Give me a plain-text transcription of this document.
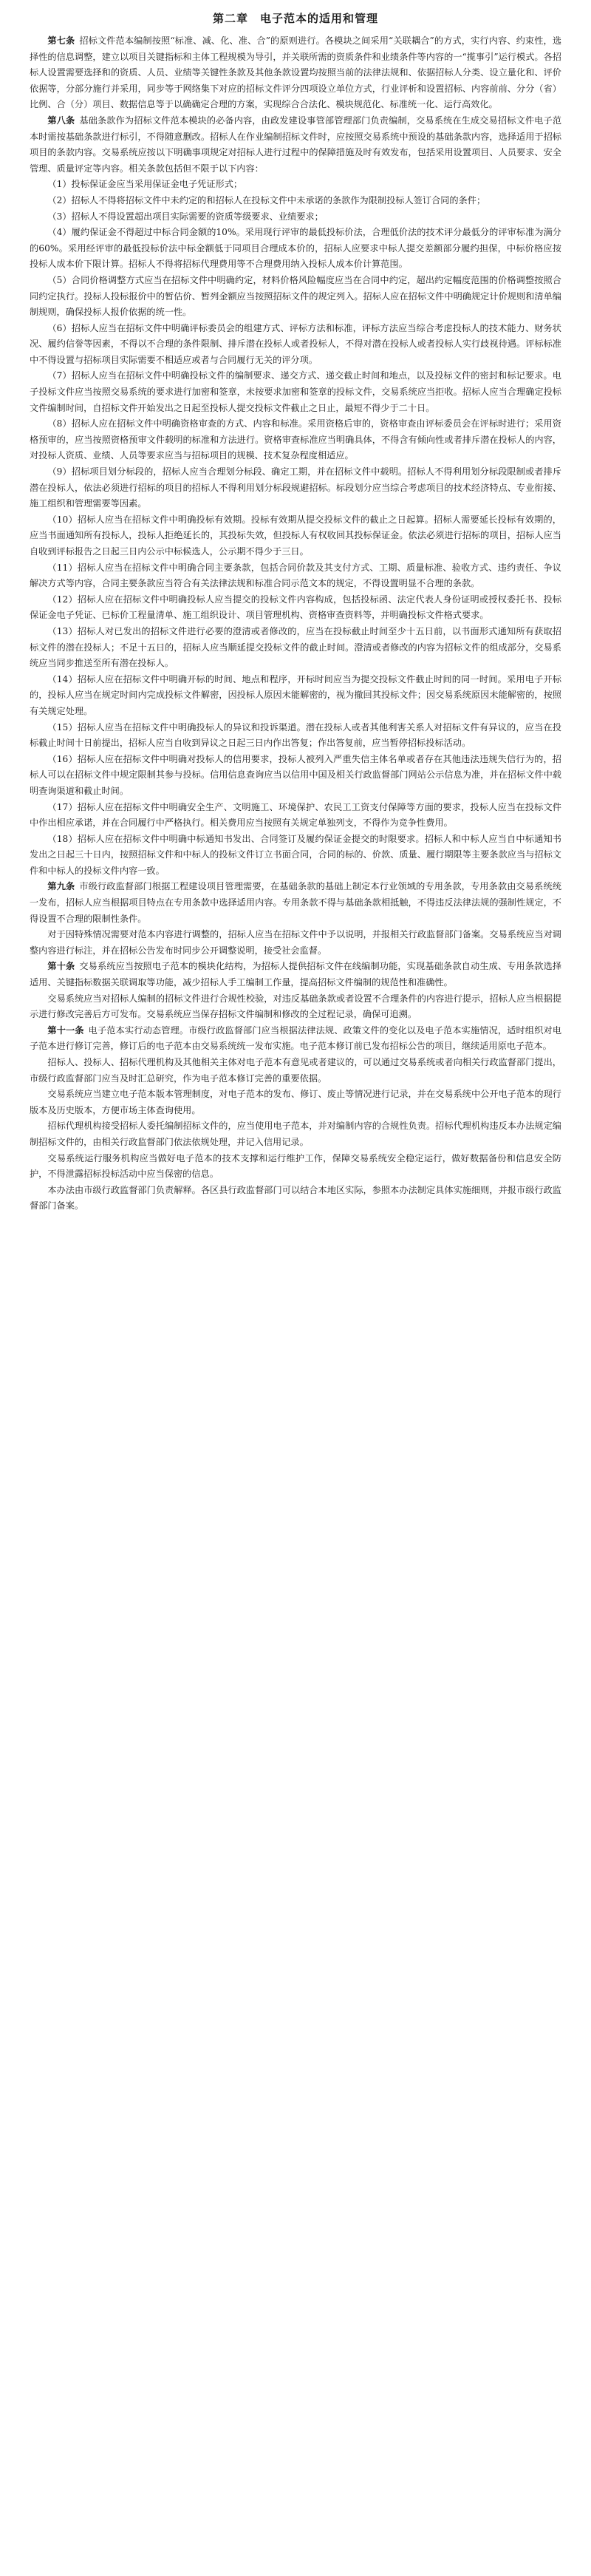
第二章　电子范本的适用和管理

第七条 招标文件范本编制按照“标准、减、化、准、合”的原则进行。各模块之间采用“关联耦合”的方式，实行内容、约束性，选择性的信息调整，建立以项目关键指标和主体工程规模为导引，并关联所需的资质条件和业绩条件等内容的一“揽事引”运行模式。各招标人设置需要选择和的资质、人员、业绩等关键性条款及其他条款设置均按照当前的法律法规和、依据招标人分类、设立量化和、评价依据等，分部分施行并采用，同步等于网络集下对应的招标文件评分四项设立单位方式，行业评析和设置招标、内容前前、分分（省）比例、合（分）项目、数据信息等于以确确定合理的方案，实现综合合法化、模块规范化、标准统一化、运行高效化。

第八条 基础条款作为招标文件范本模块的必备内容，由政发建设事管部管理部门负责编制，交易系统在生成交易招标文件电子范本时需按基础条款进行标引，不得随意删改。招标人在作业编制招标文件时，应按照交易系统中预设的基础条款内容，选择适用于招标项目的条款内容。交易系统应按以下明确事项规定对招标人进行过程中的保障措施及时有效发布，包括采用设置项目、人员要求、安全管理、质量评定等内容。相关条款包括但不限于以下内容：

（1）投标保证金应当采用保证金电子凭证形式；

（2）招标人不得将招标文件中未约定的和招标人在投标文件中未承诺的条款作为限制投标人签订合同的条件；

（3）招标人不得设置超出项目实际需要的资质等级要求、业绩要求；

（4）履约保证金不得超过中标合同金额的10%。采用现行评审的最低投标价法，合理低价法的技术评分最低分的评审标准为满分的60%。采用经评审的最低投标价法中标金额低于同项目合理成本价的，招标人应要求中标人提交差额部分履约担保，中标价格应按投标人成本价下限计算。招标人不得将招标代理费用等不合理费用纳入投标人成本价计算范围。

（5）合同价格调整方式应当在招标文件中明确约定，材料价格风险幅度应当在合同中约定，超出约定幅度范围的价格调整按照合同约定执行。投标人投标报价中的暂估价、暂列金额应当按照招标文件的规定列入。招标人应在招标文件中明确规定计价规则和清单编制规则，确保投标人报价依据的统一性。

（6）招标人应当在招标文件中明确评标委员会的组建方式、评标方法和标准，评标方法应当综合考虑投标人的技术能力、财务状况、履约信誉等因素，不得以不合理的条件限制、排斥潜在投标人或者投标人，不得对潜在投标人或者投标人实行歧视待遇。评标标准中不得设置与招标项目实际需要不相适应或者与合同履行无关的评分项。

（7）招标人应当在招标文件中明确投标文件的编制要求、递交方式、递交截止时间和地点，以及投标文件的密封和标记要求。电子投标文件应当按照交易系统的要求进行加密和签章，未按要求加密和签章的投标文件，交易系统应当拒收。招标人应当合理确定投标文件编制时间，自招标文件开始发出之日起至投标人提交投标文件截止之日止，最短不得少于二十日。

（8）招标人应在招标文件中明确资格审查的方式、内容和标准。采用资格后审的，资格审查由评标委员会在评标时进行；采用资格预审的，应当按照资格预审文件载明的标准和方法进行。资格审查标准应当明确具体，不得含有倾向性或者排斥潜在投标人的内容，对投标人资质、业绩、人员等要求应当与招标项目的规模、技术复杂程度相适应。

（9）招标项目划分标段的，招标人应当合理划分标段、确定工期，并在招标文件中载明。招标人不得利用划分标段限制或者排斥潜在投标人，依法必须进行招标的项目的招标人不得利用划分标段规避招标。标段划分应当综合考虑项目的技术经济特点、专业衔接、施工组织和管理需要等因素。

（10）招标人应当在招标文件中明确投标有效期。投标有效期从提交投标文件的截止之日起算。招标人需要延长投标有效期的，应当书面通知所有投标人，投标人拒绝延长的，其投标失效，但投标人有权收回其投标保证金。依法必须进行招标的项目，招标人应当自收到评标报告之日起三日内公示中标候选人，公示期不得少于三日。

（11）招标人应当在招标文件中明确合同主要条款，包括合同价款及其支付方式、工期、质量标准、验收方式、违约责任、争议解决方式等内容，合同主要条款应当符合有关法律法规和标准合同示范文本的规定，不得设置明显不合理的条款。

（12）招标人应在招标文件中明确投标人应当提交的投标文件内容构成，包括投标函、法定代表人身份证明或授权委托书、投标保证金电子凭证、已标价工程量清单、施工组织设计、项目管理机构、资格审查资料等，并明确投标文件格式要求。

（13）招标人对已发出的招标文件进行必要的澄清或者修改的，应当在投标截止时间至少十五日前，以书面形式通知所有获取招标文件的潜在投标人；不足十五日的，招标人应当顺延提交投标文件的截止时间。澄清或者修改的内容为招标文件的组成部分，交易系统应当同步推送至所有潜在投标人。

（14）招标人应在招标文件中明确开标的时间、地点和程序，开标时间应当为提交投标文件截止时间的同一时间。采用电子开标的，投标人应当在规定时间内完成投标文件解密，因投标人原因未能解密的，视为撤回其投标文件；因交易系统原因未能解密的，按照有关规定处理。

（15）招标人应当在招标文件中明确投标人的异议和投诉渠道。潜在投标人或者其他利害关系人对招标文件有异议的，应当在投标截止时间十日前提出，招标人应当自收到异议之日起三日内作出答复；作出答复前，应当暂停招标投标活动。

（16）招标人应在招标文件中明确对投标人的信用要求，投标人被列入严重失信主体名单或者存在其他违法违规失信行为的，招标人可以在招标文件中规定限制其参与投标。信用信息查询应当以信用中国及相关行政监督部门网站公示信息为准，并在招标文件中载明查询渠道和截止时间。

（17）招标人应在招标文件中明确安全生产、文明施工、环境保护、农民工工资支付保障等方面的要求，投标人应当在投标文件中作出相应承诺，并在合同履行中严格执行。相关费用应当按照有关规定单独列支，不得作为竞争性费用。

（18）招标人应在招标文件中明确中标通知书发出、合同签订及履约保证金提交的时限要求。招标人和中标人应当自中标通知书发出之日起三十日内，按照招标文件和中标人的投标文件订立书面合同，合同的标的、价款、质量、履行期限等主要条款应当与招标文件和中标人的投标文件内容一致。

第九条 市级行政监督部门根据工程建设项目管理需要，在基础条款的基础上制定本行业领域的专用条款，专用条款由交易系统统一发布，招标人应当根据项目特点在专用条款中选择适用内容。专用条款不得与基础条款相抵触，不得违反法律法规的强制性规定，不得设置不合理的限制性条件。

对于因特殊情况需要对范本内容进行调整的，招标人应当在招标文件中予以说明，并报相关行政监督部门备案。交易系统应当对调整内容进行标注，并在招标公告发布时同步公开调整说明，接受社会监督。

第十条 交易系统应当按照电子范本的模块化结构，为招标人提供招标文件在线编制功能，实现基础条款自动生成、专用条款选择适用、关键指标数据关联调取等功能，减少招标人手工编制工作量，提高招标文件编制的规范性和准确性。

交易系统应当对招标人编制的招标文件进行合规性校验，对违反基础条款或者设置不合理条件的内容进行提示，招标人应当根据提示进行修改完善后方可发布。交易系统应当保存招标文件编制和修改的全过程记录，确保可追溯。

第十一条 电子范本实行动态管理。市级行政监督部门应当根据法律法规、政策文件的变化以及电子范本实施情况，适时组织对电子范本进行修订完善，修订后的电子范本由交易系统统一发布实施。电子范本修订前已发布招标公告的项目，继续适用原电子范本。

招标人、投标人、招标代理机构及其他相关主体对电子范本有意见或者建议的，可以通过交易系统或者向相关行政监督部门提出，市级行政监督部门应当及时汇总研究，作为电子范本修订完善的重要依据。

交易系统应当建立电子范本版本管理制度，对电子范本的发布、修订、废止等情况进行记录，并在交易系统中公开电子范本的现行版本及历史版本，方便市场主体查询使用。

招标代理机构接受招标人委托编制招标文件的，应当使用电子范本，并对编制内容的合规性负责。招标代理机构违反本办法规定编制招标文件的，由相关行政监督部门依法依规处理，并记入信用记录。

交易系统运行服务机构应当做好电子范本的技术支撑和运行维护工作，保障交易系统安全稳定运行，做好数据备份和信息安全防护，不得泄露招标投标活动中应当保密的信息。

本办法由市级行政监督部门负责解释。各区县行政监督部门可以结合本地区实际，参照本办法制定具体实施细则，并报市级行政监督部门备案。
